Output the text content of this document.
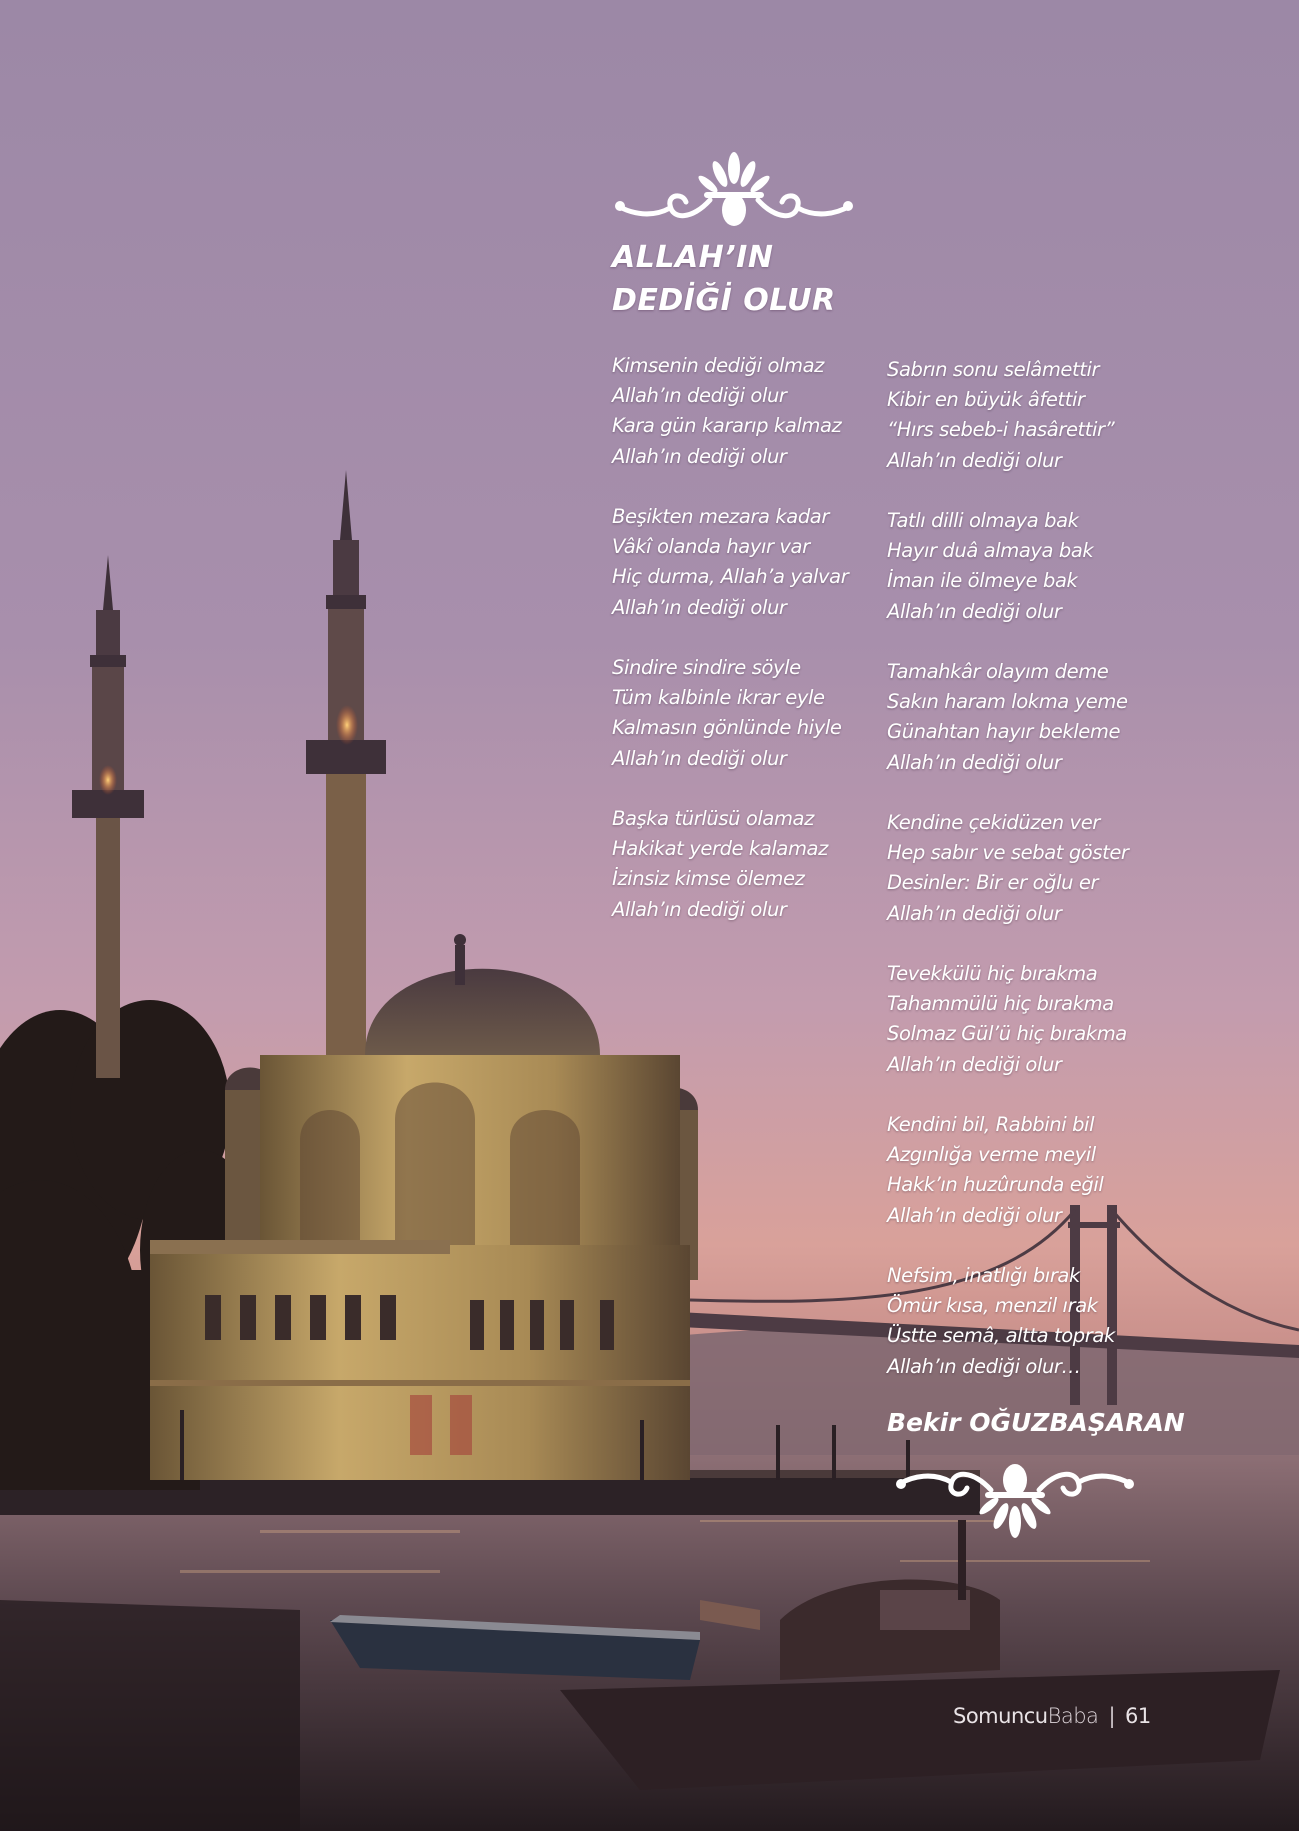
ALLAH’IN
DEDİĞİ OLUR
Kimsenin dediği olmaz
Allah’ın dediği olur
Kara gün kararıp kalmaz
Allah’ın dediği olur
Beşikten mezara kadar
Vâkî olanda hayır var
Hiç durma, Allah’a yalvar
Allah’ın dediği olur
Sindire sindire söyle
Tüm kalbinle ikrar eyle
Kalmasın gönlünde hiyle
Allah’ın dediği olur
Başka türlüsü olamaz
Hakikat yerde kalamaz
İzinsiz kimse ölemez
Allah’ın dediği olur
Sabrın sonu selâmettir
Kibir en büyük âfettir
“Hırs sebeb-i hasârettir”
Allah’ın dediği olur
Tatlı dilli olmaya bak
Hayır duâ almaya bak
İman ile ölmeye bak
Allah’ın dediği olur
Tamahkâr olayım deme
Sakın haram lokma yeme
Günahtan hayır bekleme
Allah’ın dediği olur
Kendine çekidüzen ver
Hep sabır ve sebat göster
Desinler: Bir er oğlu er
Allah’ın dediği olur
Tevekkülü hiç bırakma
Tahammülü hiç bırakma
Solmaz Gül’ü hiç bırakma
Allah’ın dediği olur
Kendini bil, Rabbini bil
Azgınlığa verme meyil
Hakk’ın huzûrunda eğil
Allah’ın dediği olur
Nefsim, inatlığı bırak
Ömür kısa, menzil ırak
Üstte semâ, altta toprak
Allah’ın dediği olur…
Bekir OĞUZBAŞARAN
SomuncuBaba | 61
